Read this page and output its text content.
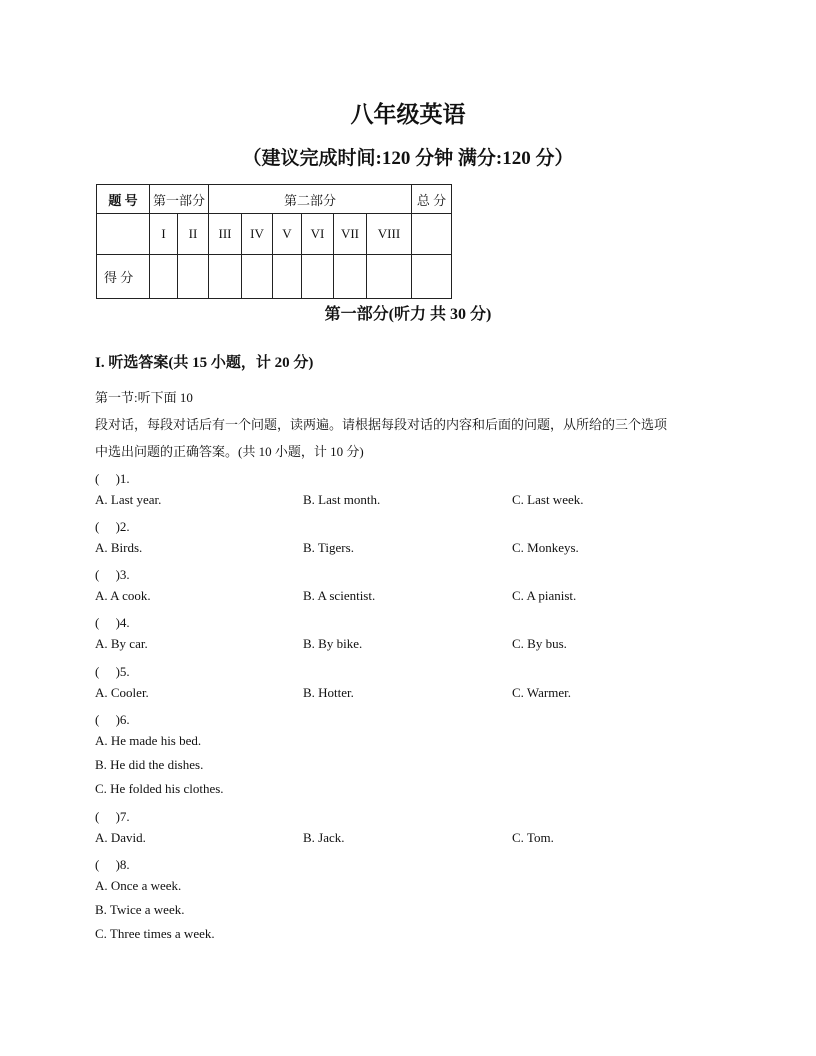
八年级英语
（建议完成时间:120 分钟 满分:120 分）
题 号	第一部分		第二部分						总 分
	I	II	III	IV	V	VI	VII	VIII	
得 分									
第一部分(听力 共 30 分)
I. 听选答案(共 15 小题，计 20 分)
第一节:听下面 10
段对话，每段对话后有一个问题，读两遍。请根据每段对话的内容和后面的问题，从所给的三个选项
中选出问题的正确答案。(共 10 小题，计 10 分)
(　 )1.
A. Last year.	B. Last month.	C. Last week.
(　 )2.
A. Birds.	B. Tigers.	C. Monkeys.
(　 )3.
A. A cook.	B. A scientist.	C. A pianist.
(　 )4.
A. By car.	B. By bike.	C. By bus.
(　 )5.
A. Cooler.	B. Hotter.	C. Warmer.
(　 )6.
A. He made his bed.
B. He did the dishes.
C. He folded his clothes.
(　 )7.
A. David.	B. Jack.	C. Tom.
(　 )8.
A. Once a week.
B. Twice a week.
C. Three times a week.
